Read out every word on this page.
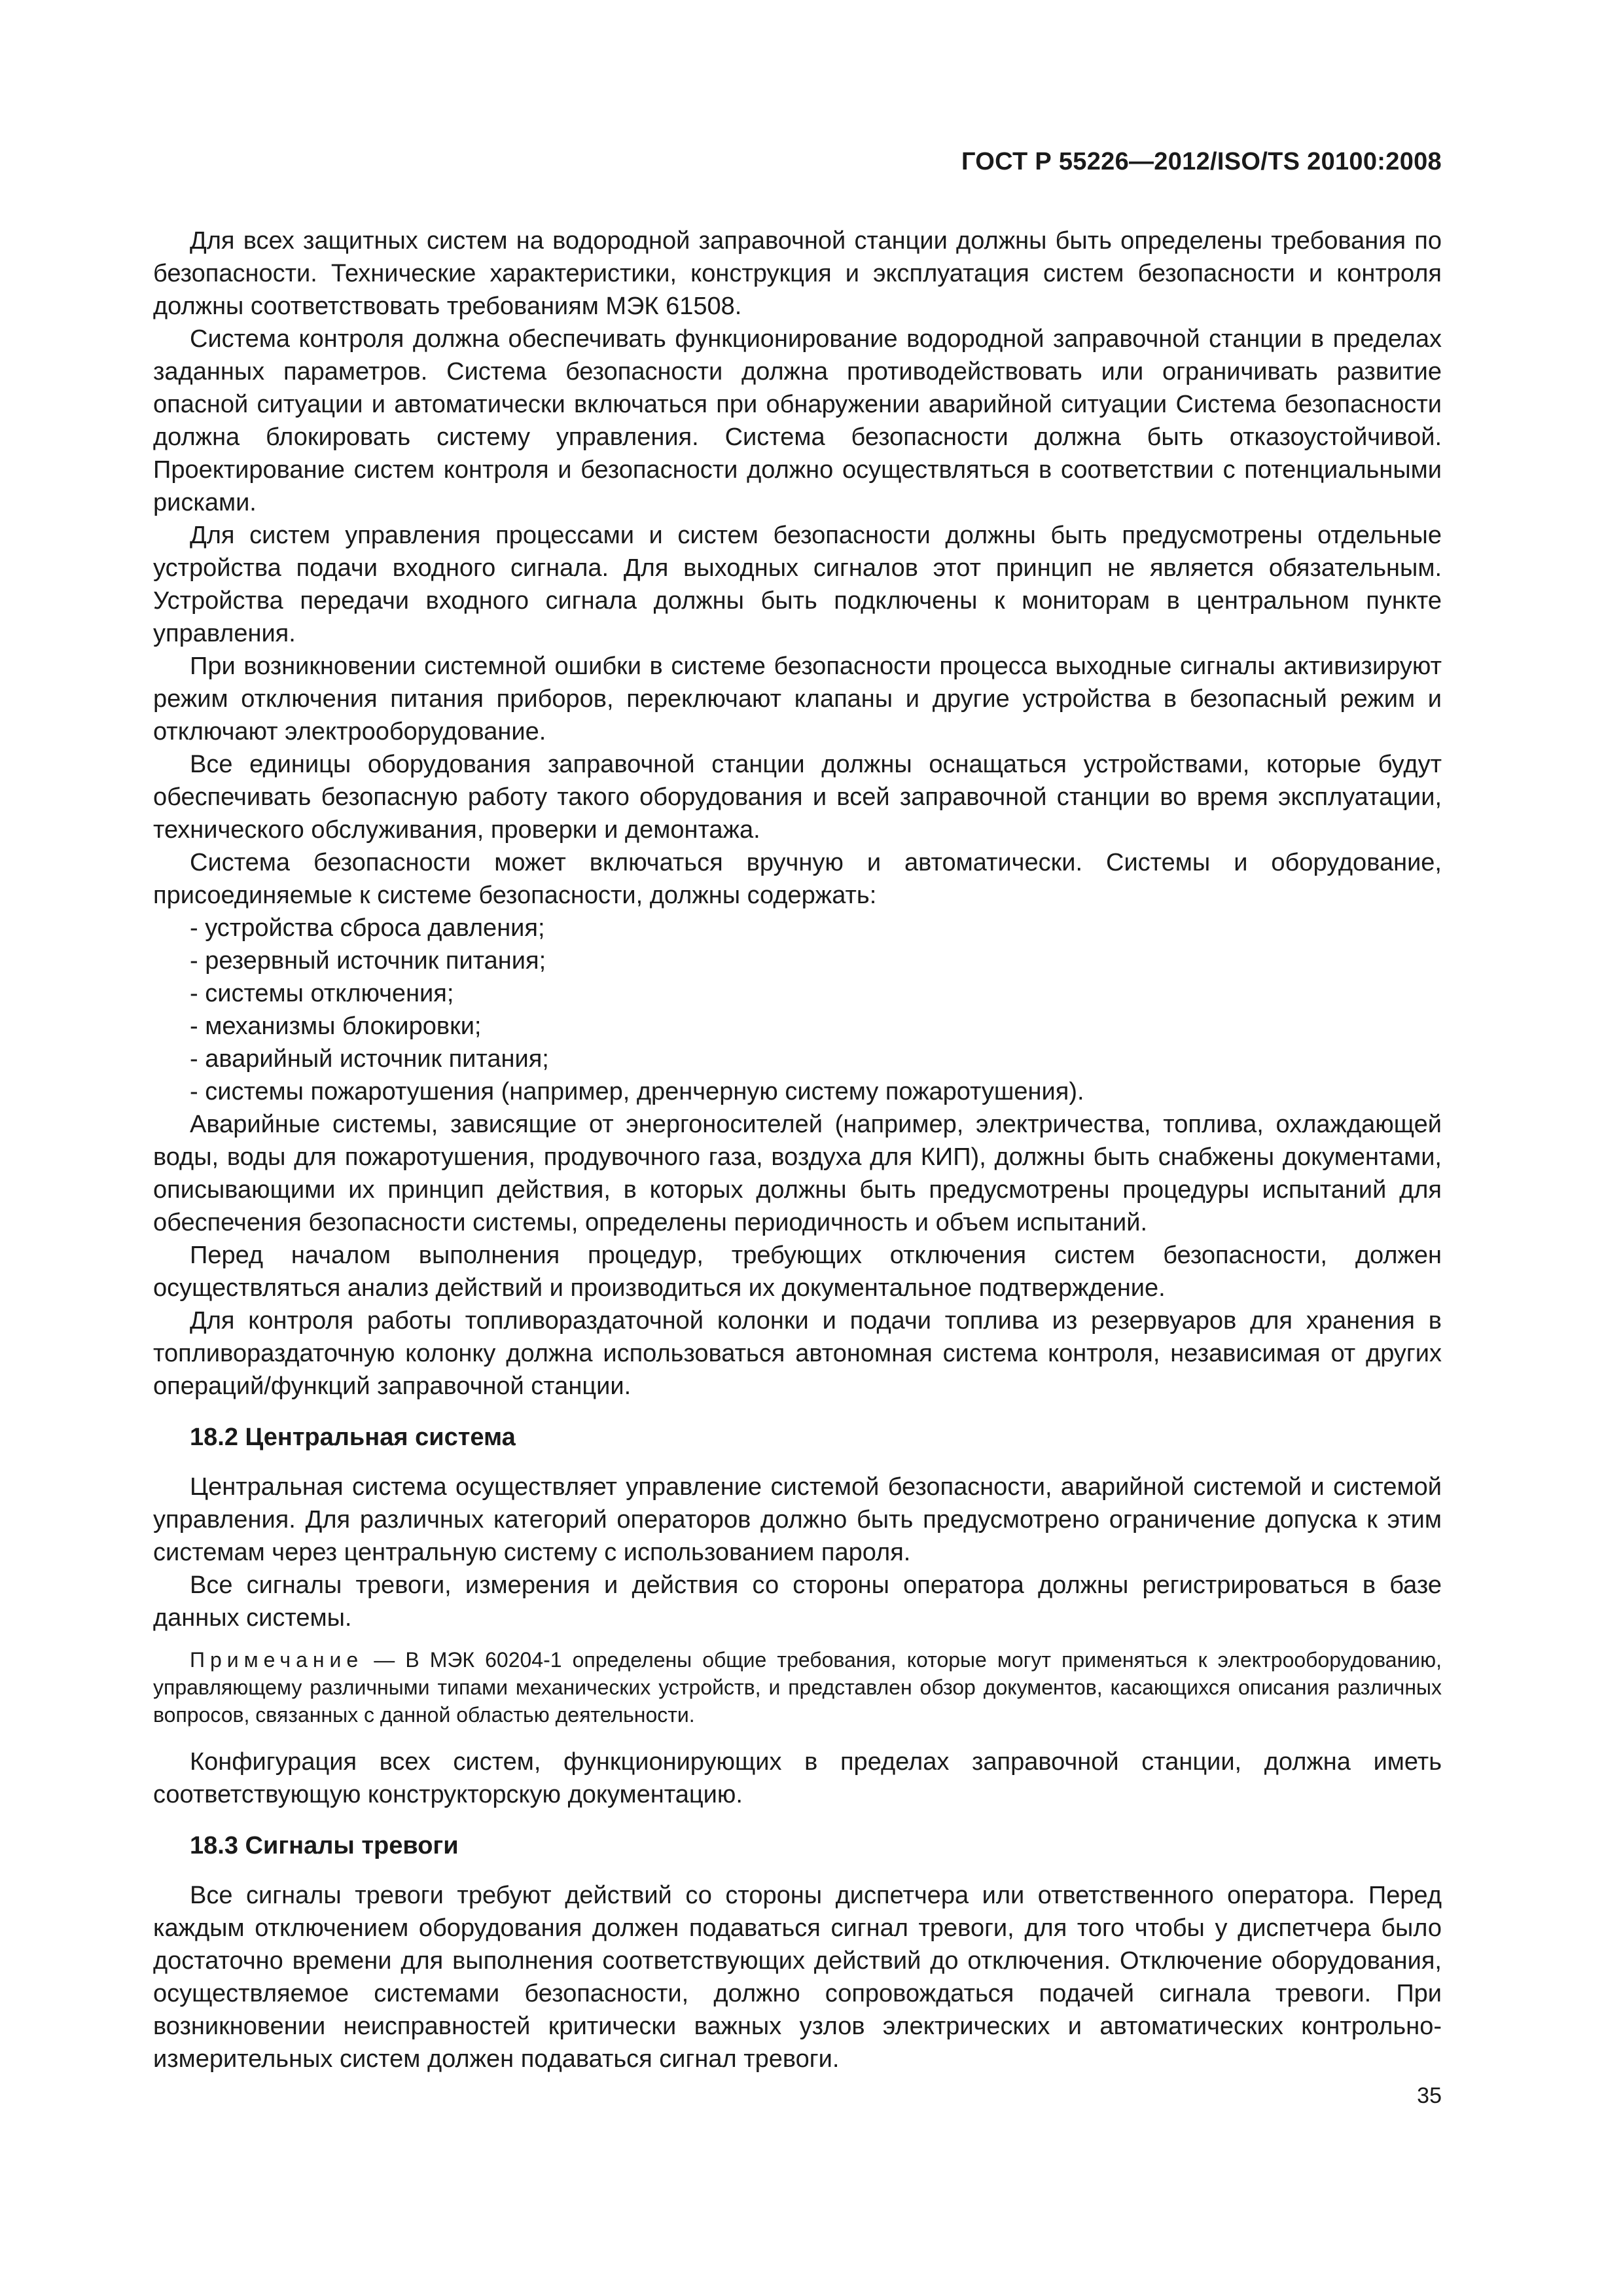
ГОСТ Р 55226—2012/ISO/TS 20100:2008

Для всех защитных систем на водородной заправочной станции должны быть определены требования по безопасности. Технические характеристики, конструкция и эксплуатация систем безопасности и контроля должны соответствовать требованиям МЭК 61508.

Система контроля должна обеспечивать функционирование водородной заправочной станции в пределах заданных параметров. Система безопасности должна противодействовать или ограничивать развитие опасной ситуации и автоматически включаться при обнаружении аварийной ситуации Система безопасности должна блокировать систему управления. Система безопасности должна быть отказоустойчивой. Проектирование систем контроля и безопасности должно осуществляться в соответствии с потенциальными рисками.

Для систем управления процессами и систем безопасности должны быть предусмотрены отдельные устройства подачи входного сигнала. Для выходных сигналов этот принцип не является обязательным. Устройства передачи входного сигнала должны быть подключены к мониторам в центральном пункте управления.

При возникновении системной ошибки в системе безопасности процесса выходные сигналы активизируют режим отключения питания приборов, переключают клапаны и другие устройства в безопасный режим и отключают электрооборудование.

Все единицы оборудования заправочной станции должны оснащаться устройствами, которые будут обеспечивать безопасную работу такого оборудования и всей заправочной станции во время эксплуатации, технического обслуживания, проверки и демонтажа.

Система безопасности может включаться вручную и автоматически. Системы и оборудование, присоединяемые к системе безопасности, должны содержать:

- устройства сброса давления;
- резервный источник питания;
- системы отключения;
- механизмы блокировки;
- аварийный источник питания;
- системы пожаротушения (например, дренчерную систему пожаротушения).

Аварийные системы, зависящие от энергоносителей (например, электричества, топлива, охлаждающей воды, воды для пожаротушения, продувочного газа, воздуха для КИП), должны быть снабжены документами, описывающими их принцип действия, в которых должны быть предусмотрены процедуры испытаний для обеспечения безопасности системы, определены периодичность и объем испытаний.

Перед началом выполнения процедур, требующих отключения систем безопасности, должен осуществляться анализ действий и производиться их документальное подтверждение.

Для контроля работы топливораздаточной колонки и подачи топлива из резервуаров для хранения в топливораздаточную колонку должна использоваться автономная система контроля, независимая от других операций/функций заправочной станции.

18.2 Центральная система

Центральная система осуществляет управление системой безопасности, аварийной системой и системой управления. Для различных категорий операторов должно быть предусмотрено ограничение допуска к этим системам через центральную систему с использованием пароля.

Все сигналы тревоги, измерения и действия со стороны оператора должны регистрироваться в базе данных системы.

Примечание — В МЭК 60204-1 определены общие требования, которые могут применяться к электрооборудованию, управляющему различными типами механических устройств, и представлен обзор документов, касающихся описания различных вопросов, связанных с данной областью деятельности.

Конфигурация всех систем, функционирующих в пределах заправочной станции, должна иметь соответствующую конструкторскую документацию.

18.3 Сигналы тревоги

Все сигналы тревоги требуют действий со стороны диспетчера или ответственного оператора. Перед каждым отключением оборудования должен подаваться сигнал тревоги, для того чтобы у диспетчера было достаточно времени для выполнения соответствующих действий до отключения. Отключение оборудования, осуществляемое системами безопасности, должно сопровождаться подачей сигнала тревоги. При возникновении неисправностей критически важных узлов электрических и автоматических контрольно-измерительных систем должен подаваться сигнал тревоги.

35
